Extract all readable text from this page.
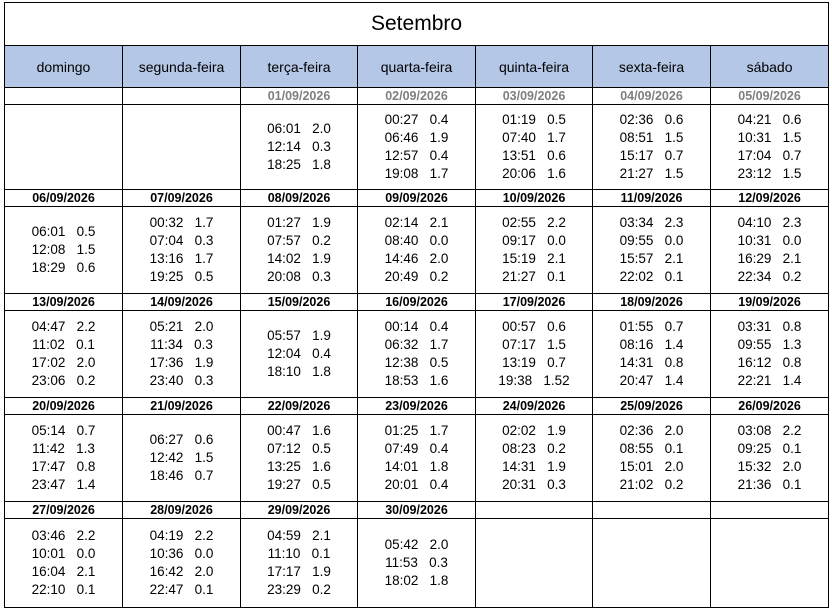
Setembro						
domingo	segunda-feira	terça-feira	quarta-feira	quinta-feira	sexta-feira	sábado
		01/09/2026	02/09/2026	03/09/2026	04/09/2026	05/09/2026

		06:01   2.0
12:14   0.3
18:25   1.8	00:27   0.4
06:46   1.9
12:57   0.4
19:08   1.7	01:19   0.5
07:40   1.7
13:51   0.6
20:06   1.6	02:36   0.6
08:51   1.5
15:17   0.7
21:27   1.5	04:21   0.6
10:31   1.5
17:04   0.7
23:12   1.5

06/09/2026	07/09/2026	08/09/2026	09/09/2026	10/09/2026	11/09/2026	12/09/2026

06:01   0.5
12:08   1.5
18:29   0.6	00:32   1.7
07:04   0.3
13:16   1.7
19:25   0.5	01:27   1.9
07:57   0.2
14:02   1.9
20:08   0.3	02:14   2.1
08:40   0.0
14:46   2.0
20:49   0.2	02:55   2.2
09:17   0.0
15:19   2.1
21:27   0.1	03:34   2.3
09:55   0.0
15:57   2.1
22:02   0.1	04:10   2.3
10:31   0.0
16:29   2.1
22:34   0.2

13/09/2026	14/09/2026	15/09/2026	16/09/2026	17/09/2026	18/09/2026	19/09/2026

04:47   2.2
11:02   0.1
17:02   2.0
23:06   0.2	05:21   2.0
11:34   0.3
17:36   1.9
23:40   0.3	05:57   1.9
12:04   0.4
18:10   1.8	00:14   0.4
06:32   1.7
12:38   0.5
18:53   1.6	00:57   0.6
07:17   1.5
13:19   0.7
19:38   1.52	01:55   0.7
08:16   1.4
14:31   0.8
20:47   1.4	03:31   0.8
09:55   1.3
16:12   0.8
22:21   1.4

20/09/2026	21/09/2026	22/09/2026	23/09/2026	24/09/2026	25/09/2026	26/09/2026

05:14   0.7
11:42   1.3
17:47   0.8
23:47   1.4	06:27   0.6
12:42   1.5
18:46   0.7	00:47   1.6
07:12   0.5
13:25   1.6
19:27   0.5	01:25   1.7
07:49   0.4
14:01   1.8
20:01   0.4	02:02   1.9
08:23   0.2
14:31   1.9
20:31   0.3	02:36   2.0
08:55   0.1
15:01   2.0
21:02   0.2	03:08   2.2
09:25   0.1
15:32   2.0
21:36   0.1

27/09/2026	28/09/2026	29/09/2026	30/09/2026			

03:46   2.2
10:01   0.0
16:04   2.1
22:10   0.1	04:19   2.2
10:36   0.0
16:42   2.0
22:47   0.1	04:59   2.1
11:10   0.1
17:17   1.9
23:29   0.2	05:42   2.0
11:53   0.3
18:02   1.8			
